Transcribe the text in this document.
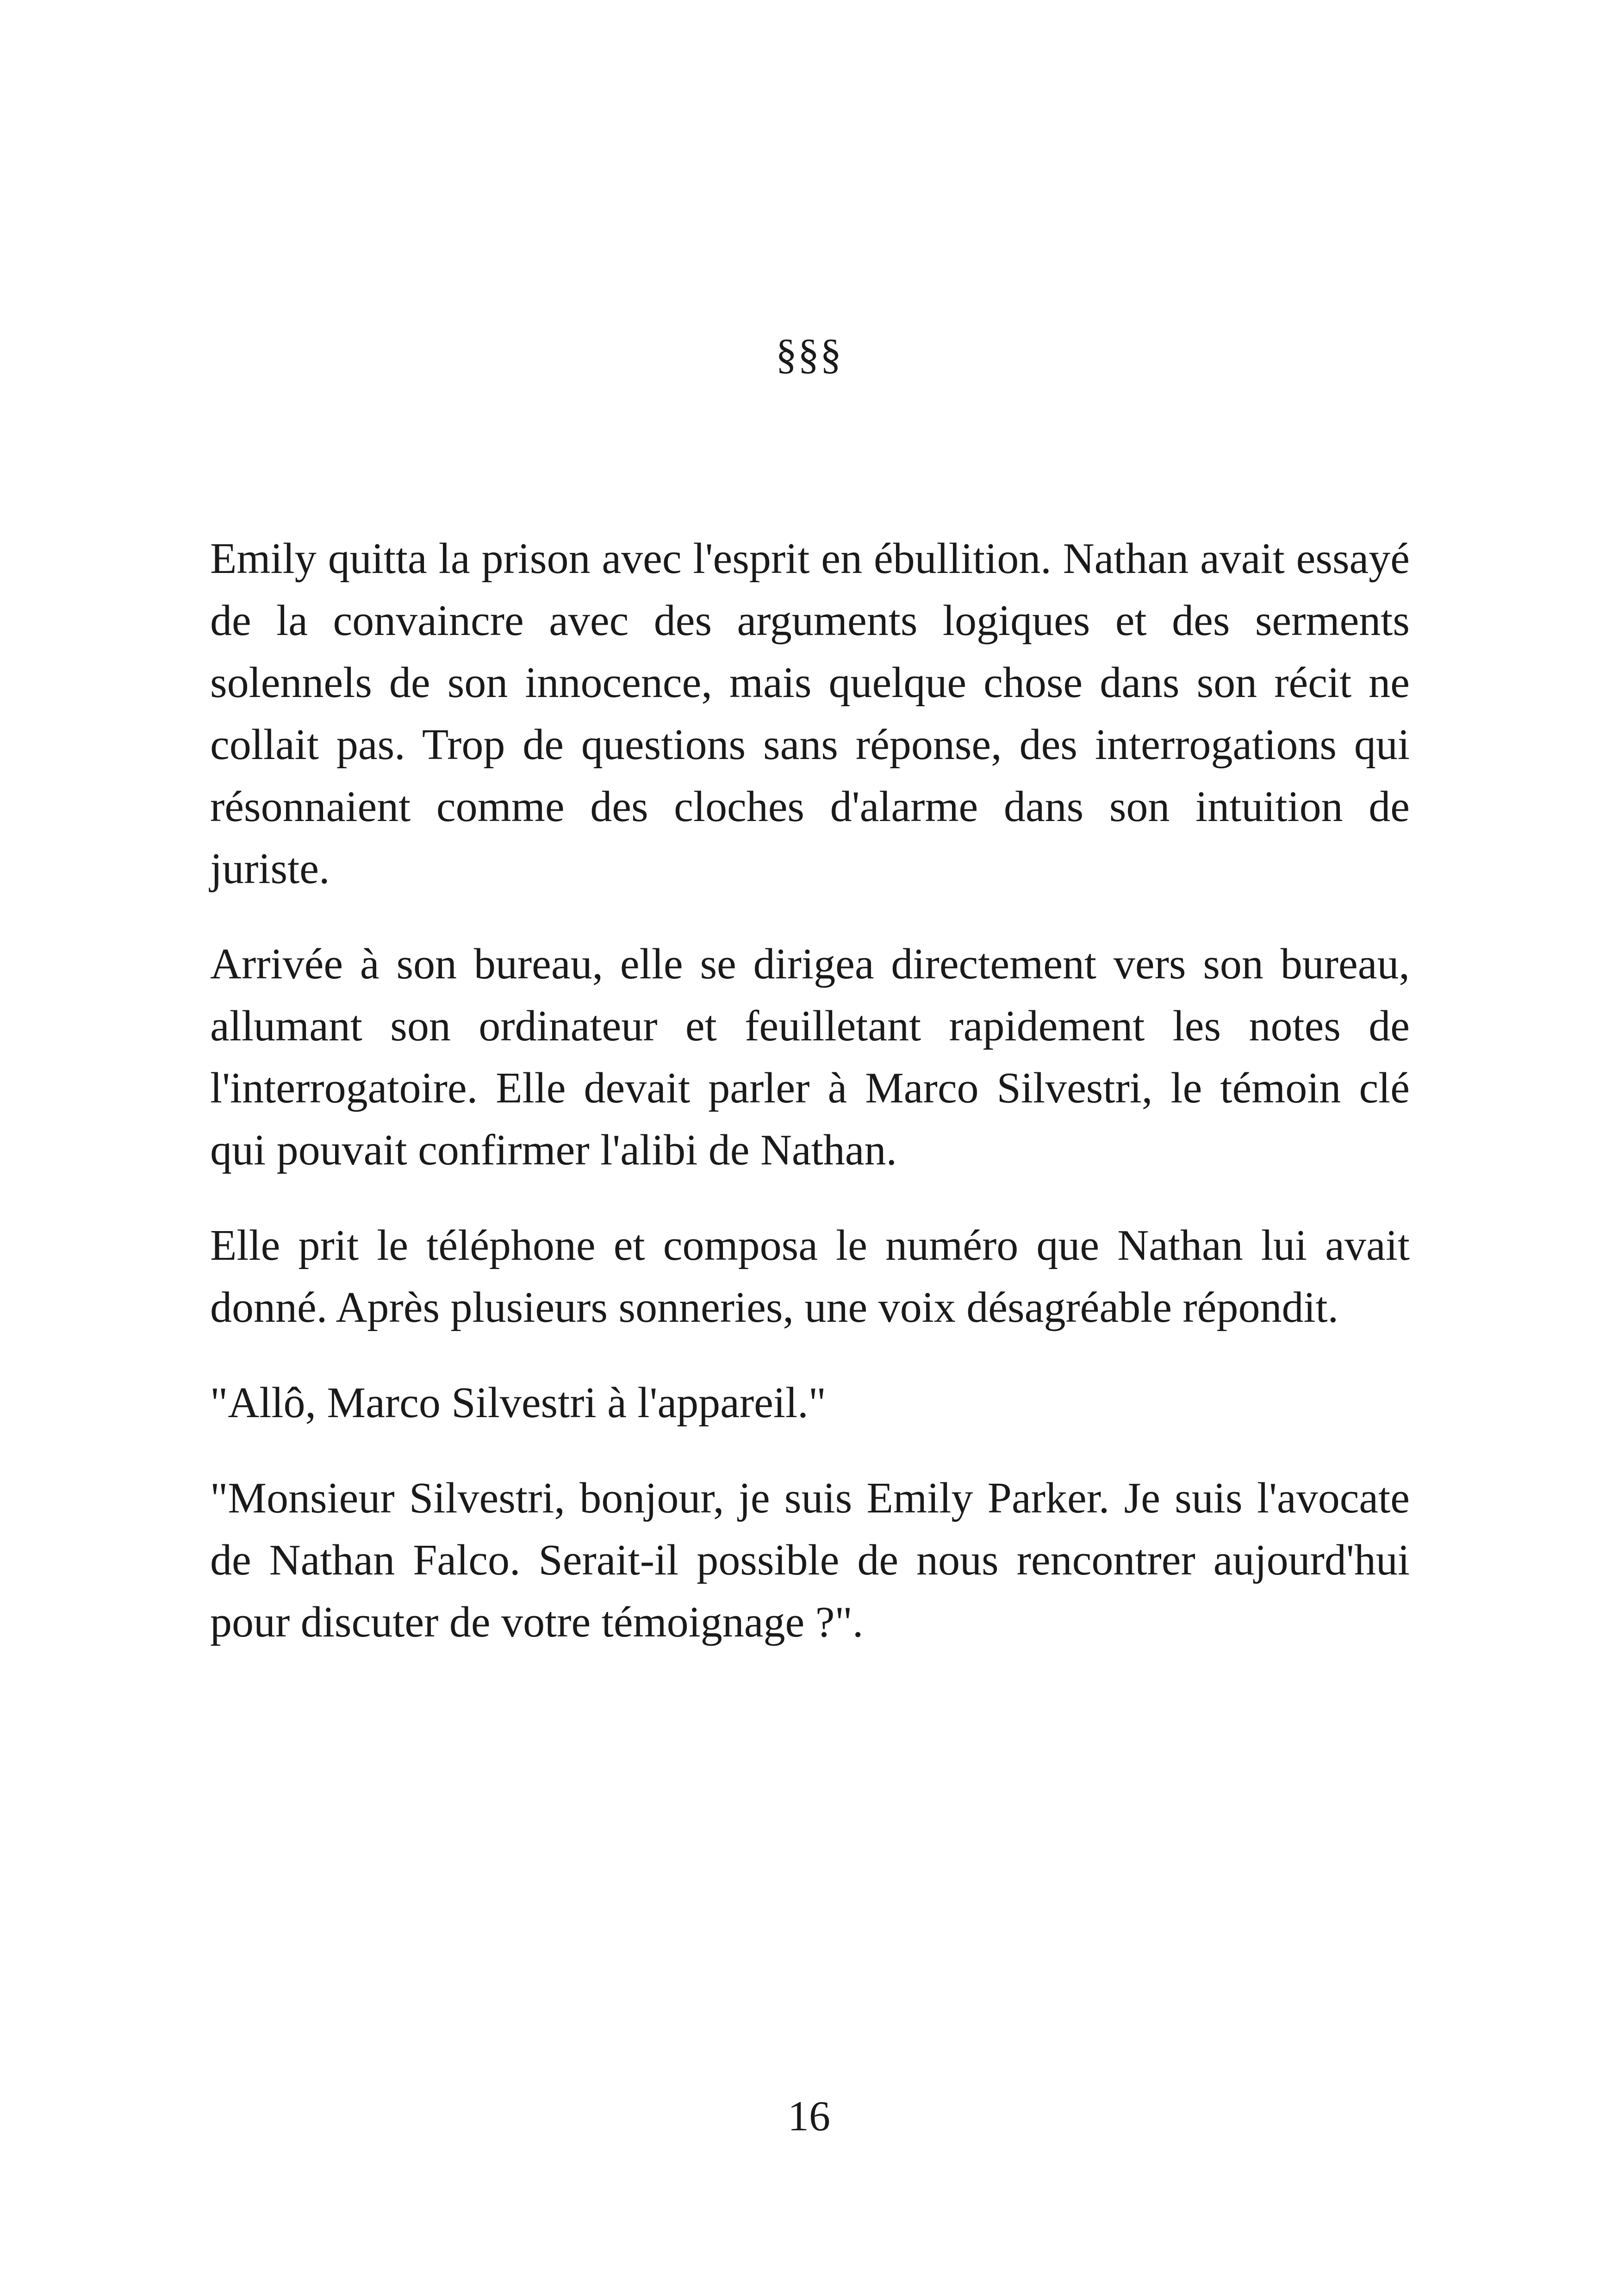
§§§

Emily quitta la prison avec l'esprit en ébullition. Nathan avait essayé de la convaincre avec des arguments logiques et des serments solennels de son innocence, mais quelque chose dans son récit ne collait pas. Trop de questions sans réponse, des interrogations qui résonnaient comme des cloches d'alarme dans son intuition de juriste.

Arrivée à son bureau, elle se dirigea directement vers son bureau, allumant son ordinateur et feuilletant rapidement les notes de l'interrogatoire. Elle devait parler à Marco Silvestri, le témoin clé qui pouvait confirmer l'alibi de Nathan.

Elle prit le téléphone et composa le numéro que Nathan lui avait donné. Après plusieurs sonneries, une voix désagréable répondit.

"Allô, Marco Silvestri à l'appareil."

"Monsieur Silvestri, bonjour, je suis Emily Parker. Je suis l'avocate de Nathan Falco. Serait-il possible de nous rencontrer aujourd'hui pour discuter de votre témoignage ?".

16
